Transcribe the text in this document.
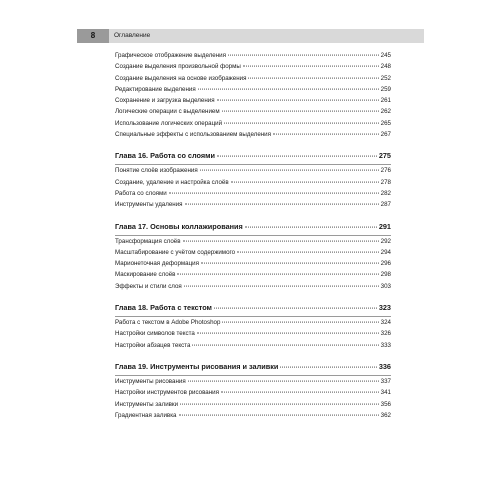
8	Оглавление
Графическое отображение выделения	245
Создание выделения произвольной формы	248
Создание выделения на основе изображения	252
Редактирование выделения	259
Сохранение и загрузка выделения	261
Логические операции с выделением	262
Использование логических операций	265
Специальные эффекты с использованием выделения	267
Глава 16. Работа со слоями	275
Понятие слоёв изображения	276
Создание, удаление и настройка слоёв	278
Работа со слоями	282
Инструменты удаления	287
Глава 17. Основы коллажирования	291
Трансформация слоёв	292
Масштабирование с учётом содержимого	294
Марионеточная деформация	296
Маскирование слоёв	298
Эффекты и стили слоя	303
Глава 18. Работа с текстом	323
Работа с текстом в Adobe Photoshop	324
Настройки символов текста	326
Настройки абзацев текста	333
Глава 19. Инструменты рисования и заливки	336
Инструменты рисования	337
Настройки инструментов рисования	341
Инструменты заливки	356
Градиентная заливка	362
